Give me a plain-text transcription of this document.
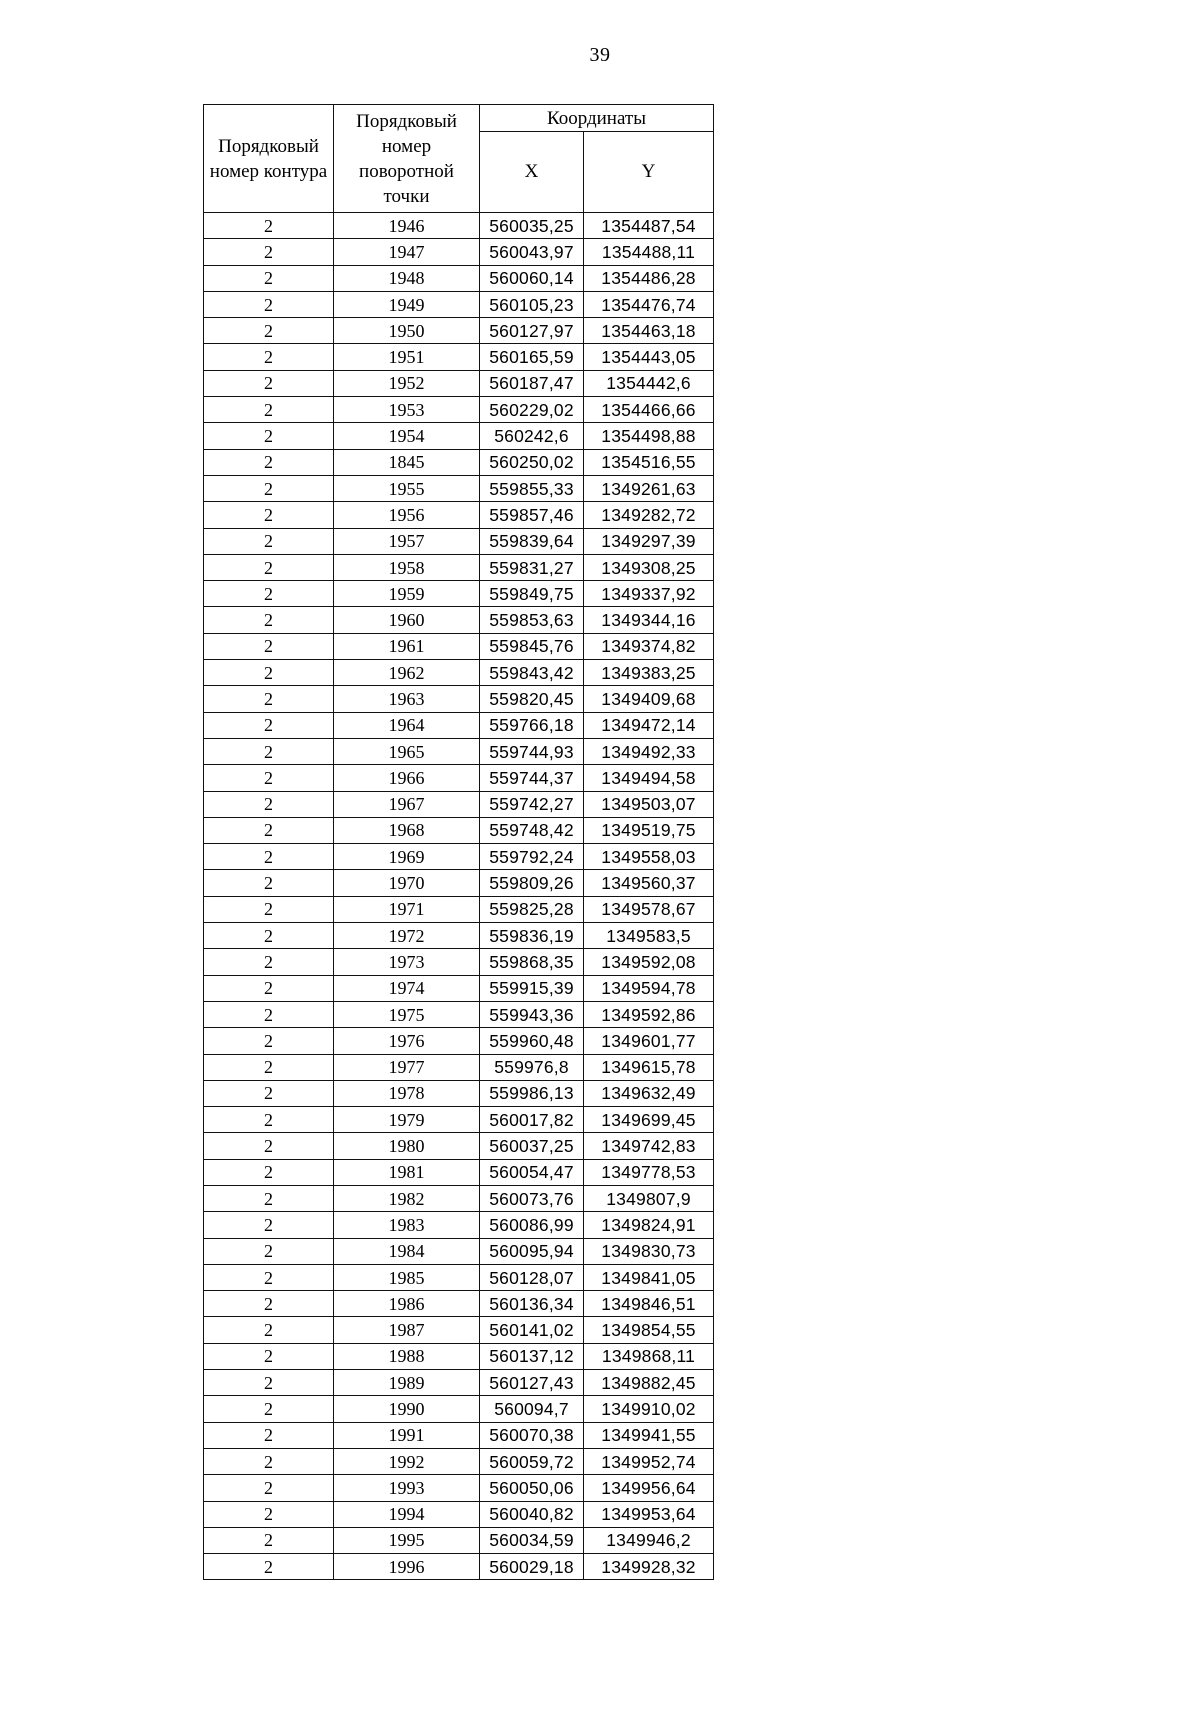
39
Порядковый номер контура	Порядковый номер поворотной точки	Координаты	
		X	Y
2	1946	560035,25	1354487,54
2	1947	560043,97	1354488,11
2	1948	560060,14	1354486,28
2	1949	560105,23	1354476,74
2	1950	560127,97	1354463,18
2	1951	560165,59	1354443,05
2	1952	560187,47	1354442,6
2	1953	560229,02	1354466,66
2	1954	560242,6	1354498,88
2	1845	560250,02	1354516,55
2	1955	559855,33	1349261,63
2	1956	559857,46	1349282,72
2	1957	559839,64	1349297,39
2	1958	559831,27	1349308,25
2	1959	559849,75	1349337,92
2	1960	559853,63	1349344,16
2	1961	559845,76	1349374,82
2	1962	559843,42	1349383,25
2	1963	559820,45	1349409,68
2	1964	559766,18	1349472,14
2	1965	559744,93	1349492,33
2	1966	559744,37	1349494,58
2	1967	559742,27	1349503,07
2	1968	559748,42	1349519,75
2	1969	559792,24	1349558,03
2	1970	559809,26	1349560,37
2	1971	559825,28	1349578,67
2	1972	559836,19	1349583,5
2	1973	559868,35	1349592,08
2	1974	559915,39	1349594,78
2	1975	559943,36	1349592,86
2	1976	559960,48	1349601,77
2	1977	559976,8	1349615,78
2	1978	559986,13	1349632,49
2	1979	560017,82	1349699,45
2	1980	560037,25	1349742,83
2	1981	560054,47	1349778,53
2	1982	560073,76	1349807,9
2	1983	560086,99	1349824,91
2	1984	560095,94	1349830,73
2	1985	560128,07	1349841,05
2	1986	560136,34	1349846,51
2	1987	560141,02	1349854,55
2	1988	560137,12	1349868,11
2	1989	560127,43	1349882,45
2	1990	560094,7	1349910,02
2	1991	560070,38	1349941,55
2	1992	560059,72	1349952,74
2	1993	560050,06	1349956,64
2	1994	560040,82	1349953,64
2	1995	560034,59	1349946,2
2	1996	560029,18	1349928,32
